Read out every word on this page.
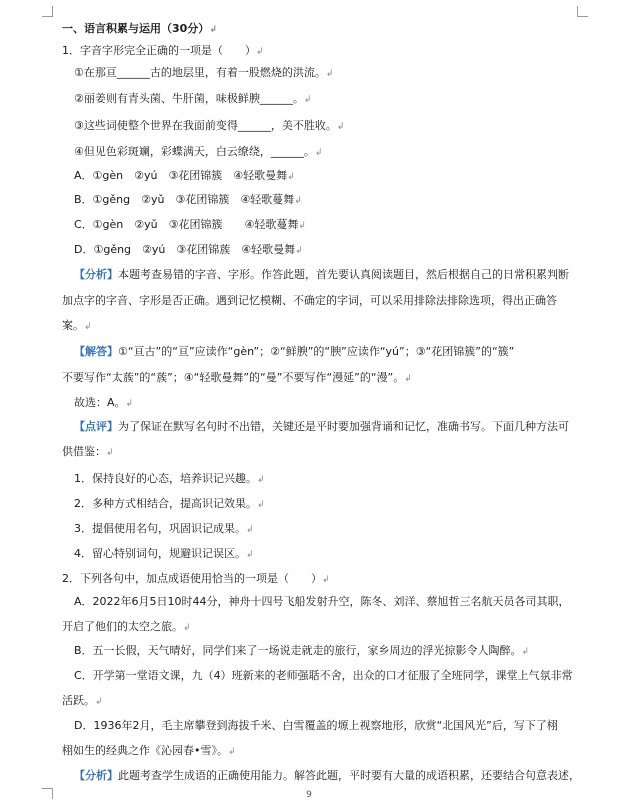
一、语言积累与运用（30分）↲
1．字音字形完全正确的一项是（　　）↲
①在那亘______古的地层里，有着一股燃烧的洪流。↲
②丽姜则有青头菌、牛肝菌，味极鲜腴______。↲
③这些词使整个世界在我面前变得______，美不胜收。↲
④但见色彩斑斓，彩蝶满天，白云缭绕，______。↲
A．①gèn　②yú　③花团锦簇　④轻歌曼舞↲
B．①gěng　②yǔ　③花团锦簇　④轻歌蔓舞↲
C．①gèn　②yǔ　③花团锦簇　　④轻歌蔓舞↲
D．①gěng　②yú　③花团锦蔟　④轻歌曼舞↲
【分析】本题考查易错的字音、字形。作答此题，首先要认真阅读题目，然后根据自己的日常积累判断
加点字的字音、字形是否正确。遇到记忆模糊、不确定的字词，可以采用排除法排除选项，得出正确答
案。↲
【解答】①“亘古”的“亘”应读作“gèn”；②“鲜腴”的“腴”应读作“yú”；③“花团锦簇”的“簇”
不要写作“太蔟”的“蔟”；④“轻歌曼舞”的“曼”不要写作“漫延”的“漫”。↲
故选：A。↲
【点评】为了保证在默写名句时不出错，关键还是平时要加强背诵和记忆，准确书写。下面几种方法可
供借鉴：↲
1．保持良好的心态，培养识记兴趣。↲
2．多种方式相结合，提高识记效果。↲
3．提倡使用名句，巩固识记成果。↲
4．留心特别词句，规避识记误区。↲
2．下列各句中，加点成语使用恰当的一项是（　　）↲
A．2022年6月5日10时44分，神舟十四号飞船发射升空，陈冬、刘洋、蔡旭哲三名航天员各司其职，
开启了他们的太空之旅。↲
B．五一长假，天气晴好，同学们来了一场说走就走的旅行，家乡周边的浮光掠影令人陶醉。↲
C．开学第一堂语文课，九（4）班新来的老师强聒不舍，出众的口才征服了全班同学，课堂上气氛非常
活跃。↲
D．1936年2月，毛主席攀登到海拔千米、白雪覆盖的塬上视察地形，欣赏“北国风光”后，写下了栩
栩如生的经典之作《沁园春•雪》。↲
【分析】此题考查学生成语的正确使用能力。解答此题，平时要有大量的成语积累，还要结合句意表述，
9
